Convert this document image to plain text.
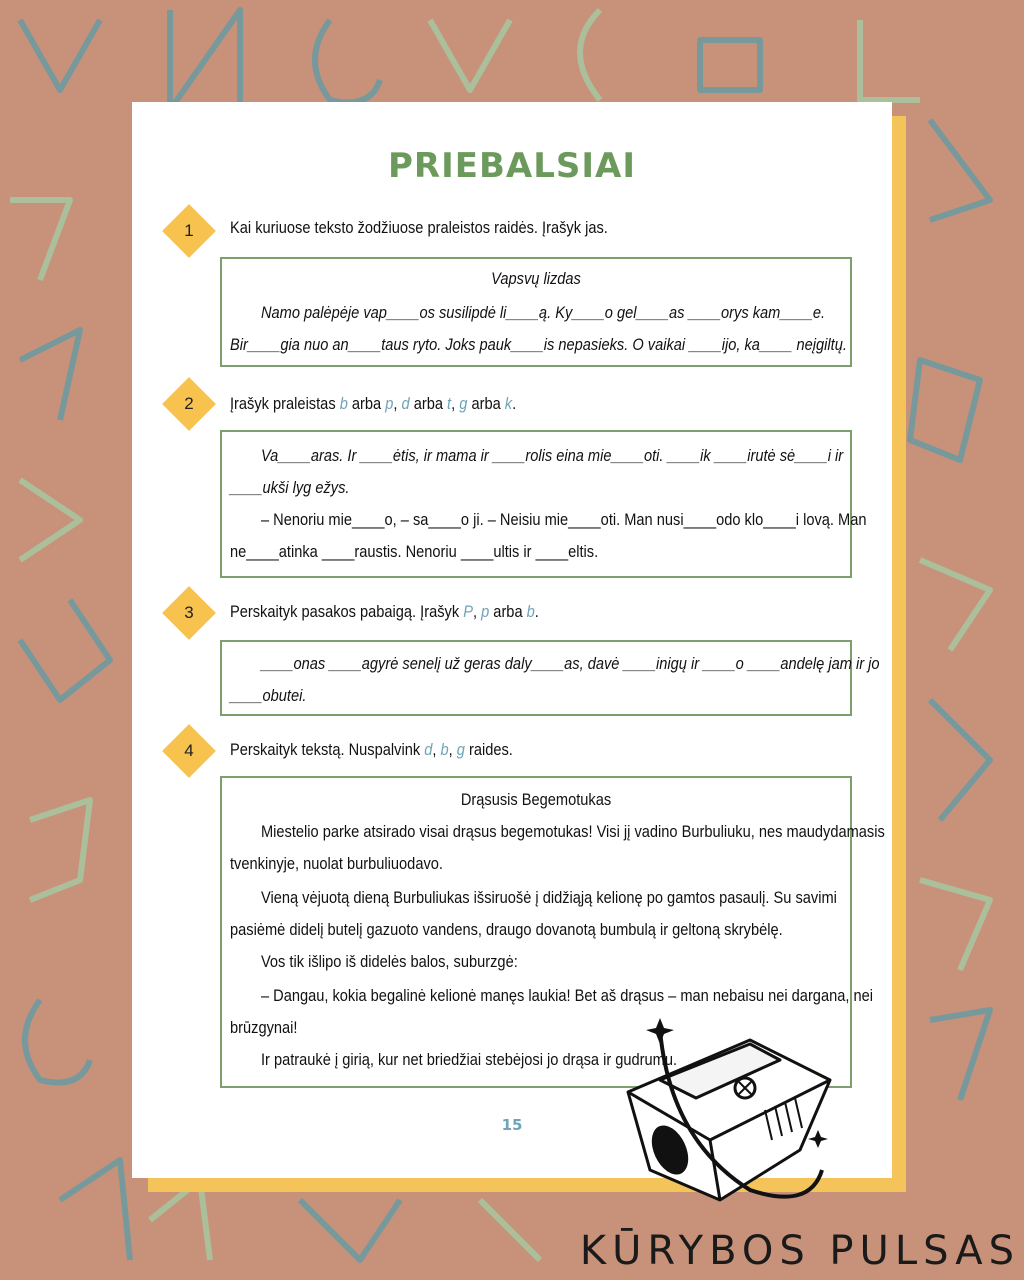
PRIEBALSIAI
1	Kai kuriuose teksto žodžiuose praleistos raidės. Įrašyk jas.
Vapsvų lizdas
Namo palėpėje vap____os susilipdė li____ą. Ky____o gel____as ____orys kam____e.
Bir____gia nuo an____taus ryto. Joks pauk____is nepasieks. O vaikai ____ijo, ka____ neįgiltų.
2	Įrašyk praleistas b arba p, d arba t, g arba k.
Va____aras. Ir ____ėtis, ir mama ir ____rolis eina mie____oti. ____ik ____irutė sė____i ir
____ukši lyg ežys.
– Nenoriu mie____o, – sa____o ji. – Neisiu mie____oti. Man nusi____odo klo____i lovą. Man
ne____atinka ____raustis. Nenoriu ____ultis ir ____eltis.
3	Perskaityk pasakos pabaigą. Įrašyk P, p arba b.
____onas ____agyrė senelį už geras daly____as, davė ____inigų ir ____o ____andelę jam ir jo
____obutei.
4	Perskaityk tekstą. Nuspalvink d, b, g raides.
Drąsusis Begemotukas
Miestelio parke atsirado visai drąsus begemotukas! Visi jį vadino Burbuliuku, nes maudydamasis
tvenkinyje, nuolat burbuliuodavo.
Vieną vėjuotą dieną Burbuliukas išsiruošė į didžiąją kelionę po gamtos pasaulį. Su savimi
pasiėmė didelį butelį gazuoto vandens, draugo dovanotą bumbulą ir geltoną skrybėlę.
Vos tik išlipo iš didelės balos, suburzgė:
– Dangau, kokia begalinė kelionė manęs laukia! Bet aš drąsus – man nebaisu nei dargana, nei
brūzgynai!
Ir patraukė į girią, kur net briedžiai stebėjosi jo drąsa ir gudrumu.
15
KŪRYBOS PULSAS
